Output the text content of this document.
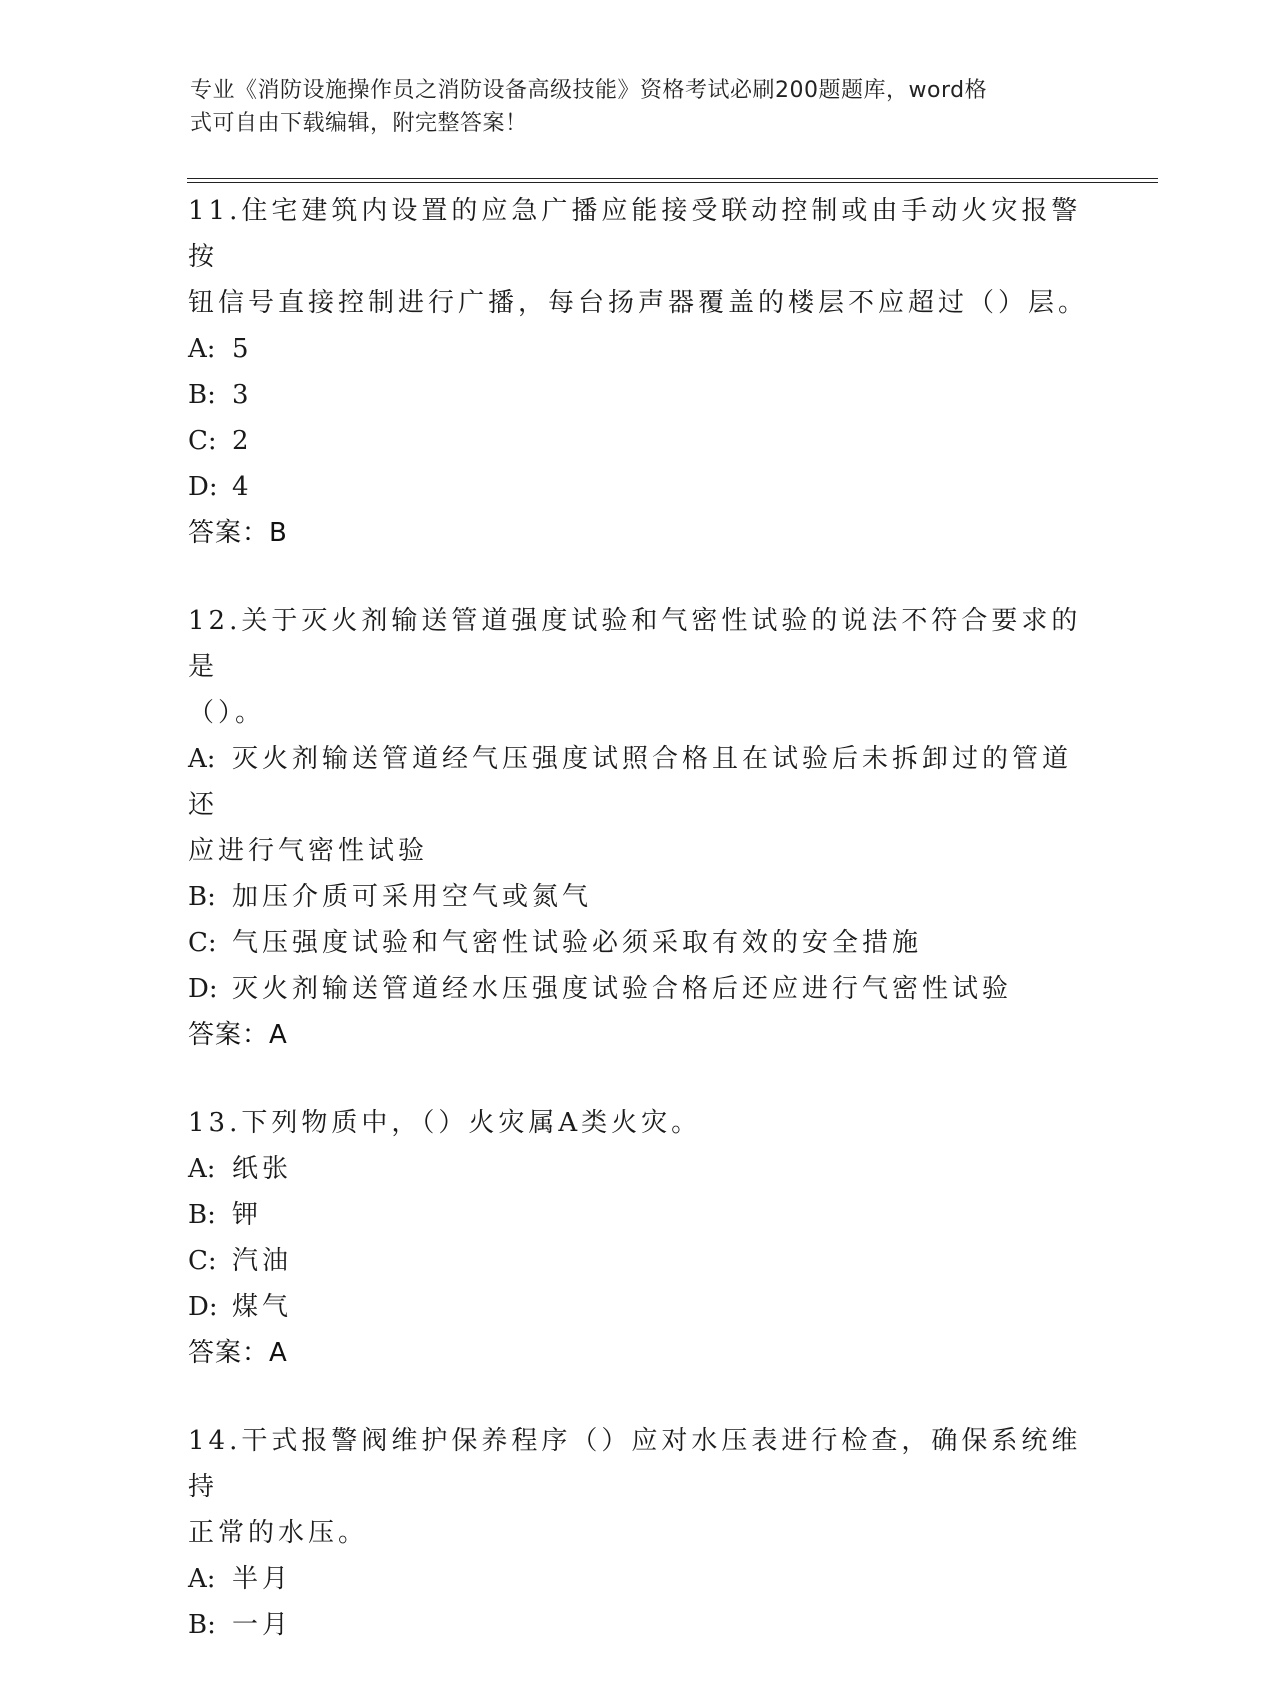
专业《消防设施操作员之消防设备高级技能》资格考试必刷200题题库，word格
式可自由下载编辑，附完整答案！
11.住宅建筑内设置的应急广播应能接受联动控制或由手动火灾报警按
钮信号直接控制进行广播，每台扬声器覆盖的楼层不应超过（）层。
A: 5
B: 3
C: 2
D: 4
答案：B
12.关于灭火剂输送管道强度试验和气密性试验的说法不符合要求的是
（）。
A: 灭火剂输送管道经气压强度试照合格且在试验后未拆卸过的管道还
应进行气密性试验
B: 加压介质可采用空气或氮气
C: 气压强度试验和气密性试验必须采取有效的安全措施
D: 灭火剂输送管道经水压强度试验合格后还应进行气密性试验
答案：A
13.下列物质中，（）火灾属A类火灾。
A: 纸张
B: 钾
C: 汽油
D: 煤气
答案：A
14.干式报警阀维护保养程序（）应对水压表进行检查，确保系统维持
正常的水压。
A: 半月
B: 一月
